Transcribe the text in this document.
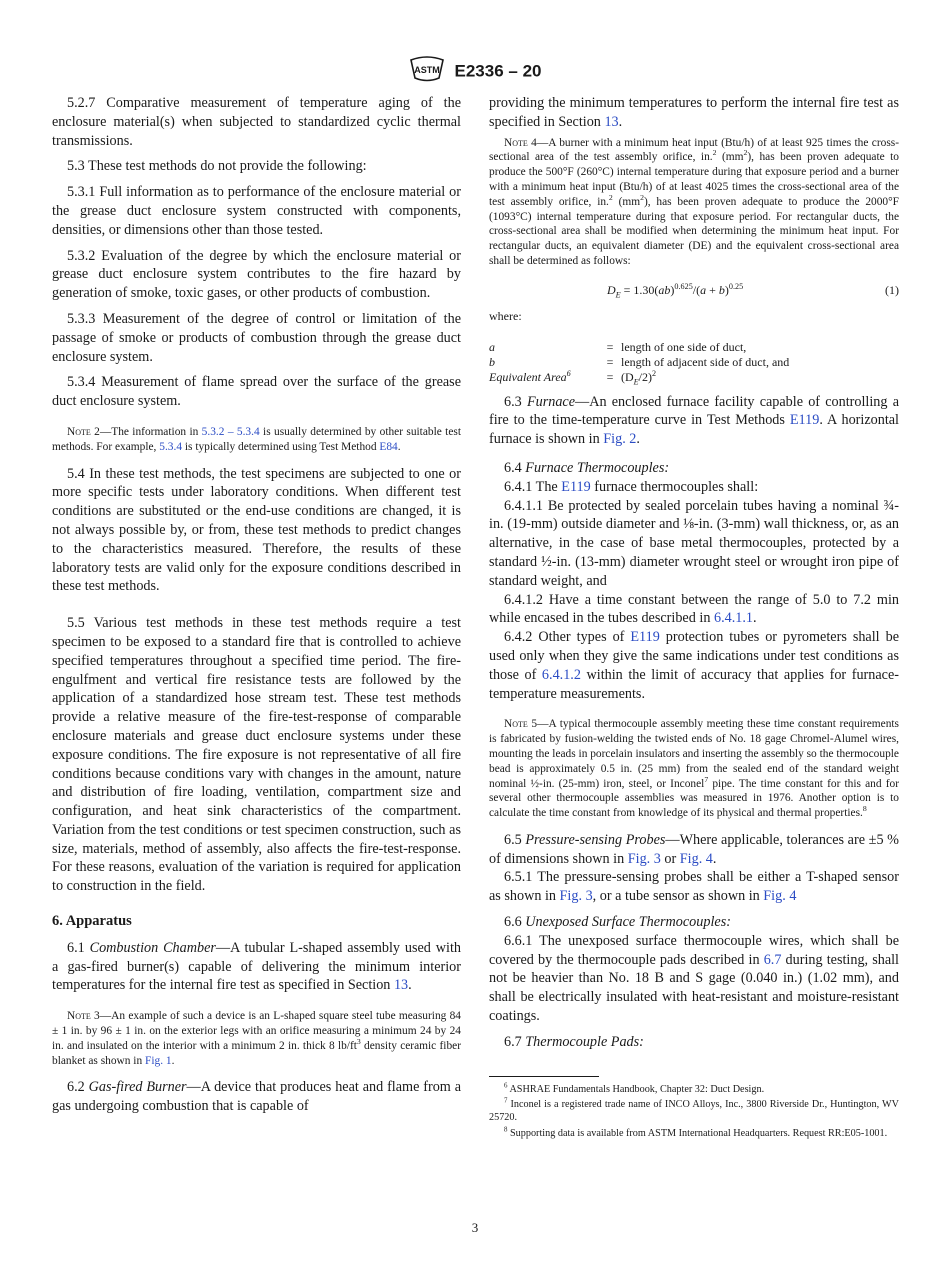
ASTM E2336 – 20

5.2.7 Comparative measurement of temperature aging of the enclosure material(s) when subjected to standardized cyclic thermal transmissions.

5.3 These test methods do not provide the following:

5.3.1 Full information as to performance of the enclosure material or the grease duct enclosure system constructed with components, densities, or dimensions other than those tested.

5.3.2 Evaluation of the degree by which the enclosure material or grease duct enclosure system contributes to the fire hazard by generation of smoke, toxic gases, or other products of combustion.

5.3.3 Measurement of the degree of control or limitation of the passage of smoke or products of combustion through the grease duct enclosure system.

5.3.4 Measurement of flame spread over the surface of the grease duct enclosure system.

Note 2—The information in 5.3.2 – 5.3.4 is usually determined by other suitable test methods. For example, 5.3.4 is typically determined using Test Method E84.

5.4 In these test methods, the test specimens are subjected to one or more specific tests under laboratory conditions. When different test conditions are substituted or the end-use conditions are changed, it is not always possible by, or from, these test methods to predict changes to the characteristics measured. Therefore, the results of these laboratory tests are valid only for the exposure conditions described in these test methods.

5.5 Various test methods in these test methods require a test specimen to be exposed to a standard fire that is controlled to achieve specified temperatures throughout a specified time period. The fire-engulfment and vertical fire resistance tests are followed by the application of a standardized hose stream test. These test methods provide a relative measure of the fire-test-response of comparable enclosure materials and grease duct enclosure systems under these exposure conditions. The fire exposure is not representative of all fire conditions because conditions vary with changes in the amount, nature and distribution of fire loading, ventilation, compartment size and configuration, and heat sink characteristics of the compartment. Variation from the test conditions or test specimen construction, such as size, materials, method of assembly, also affects the fire-test-response. For these reasons, evaluation of the variation is required for application to construction in the field.

6. Apparatus

6.1 Combustion Chamber—A tubular L-shaped assembly used with a gas-fired burner(s) capable of delivering the minimum interior temperatures for the internal fire test as specified in Section 13.

Note 3—An example of such a device is an L-shaped square steel tube measuring 84 ± 1 in. by 96 ± 1 in. on the exterior legs with an orifice measuring a minimum 24 by 24 in. and insulated on the interior with a minimum 2 in. thick 8 $lb/ft^3$ density ceramic fiber blanket as shown in Fig. 1.

6.2 Gas-fired Burner—A device that produces heat and flame from a gas undergoing combustion that is capable of

providing the minimum temperatures to perform the internal fire test as specified in Section 13.

Note 4—A burner with a minimum heat input (Btu/h) of at least 925 times the cross-sectional area of the test assembly orifice, in.$^2$ $(mm^2)$, has been proven adequate to produce the 500°F (260°C) internal temperature during that exposure period and a burner with a minimum heat input (Btu/h) of at least 4025 times the cross-sectional area of the test assembly orifice, in.$^2$ $(mm^2)$, has been proven adequate to produce the 2000°F (1093°C) internal temperature during that exposure period. For rectangular ducts, the cross-sectional area shall be modified when determining the minimum heat input. For rectangular ducts, an equivalent diameter (DE) and the equivalent cross-sectional area shall be determined as follows:

$D_E = 1.30(ab)^{0.625}/(a + b)^{0.25}$	(1)
where:
a	=	length of one side of duct,
b	=	length of adjacent side of duct, and
Equivalent Area$^6$	=	$(D_E/2)^2$

6.3 Furnace—An enclosed furnace facility capable of controlling a fire to the time-temperature curve in Test Methods E119. A horizontal furnace is shown in Fig. 2.

6.4 Furnace Thermocouples:

6.4.1 The E119 furnace thermocouples shall:

6.4.1.1 Be protected by sealed porcelain tubes having a nominal ¾-in. (19-mm) outside diameter and ⅛-in. (3-mm) wall thickness, or, as an alternative, in the case of base metal thermocouples, protected by a standard ½-in. (13-mm) diameter wrought steel or wrought iron pipe of standard weight, and

6.4.1.2 Have a time constant between the range of 5.0 to 7.2 min while encased in the tubes described in 6.4.1.1.

6.4.2 Other types of E119 protection tubes or pyrometers shall be used only when they give the same indications under test conditions as those of 6.4.1.2 within the limit of accuracy that applies for furnace-temperature measurements.

Note 5—A typical thermocouple assembly meeting these time constant requirements is fabricated by fusion-welding the twisted ends of No. 18 gage Chromel-Alumel wires, mounting the leads in porcelain insulators and inserting the assembly so the thermocouple bead is approximately 0.5 in. (25 mm) from the sealed end of the standard weight nominal ½-in. (25-mm) iron, steel, or Inconel$^7$ pipe. The time constant for this and for several other thermocouple assemblies was measured in 1976. Another option is to calculate the time constant from knowledge of its physical and thermal properties.$^8$

6.5 Pressure-sensing Probes—Where applicable, tolerances are ±5 % of dimensions shown in Fig. 3 or Fig. 4.

6.5.1 The pressure-sensing probes shall be either a T-shaped sensor as shown in Fig. 3, or a tube sensor as shown in Fig. 4

6.6 Unexposed Surface Thermocouples:

6.6.1 The unexposed surface thermocouple wires, which shall be covered by the thermocouple pads described in 6.7 during testing, shall not be heavier than No. 18 B and S gage (0.040 in.) (1.02 mm), and shall be electrically insulated with heat-resistant and moisture-resistant coatings.

6.7 Thermocouple Pads:

$^6$ ASHRAE Fundamentals Handbook, Chapter 32: Duct Design.

$^7$ Inconel is a registered trade name of INCO Alloys, Inc., 3800 Riverside Dr., Huntington, WV 25720.

$^8$ Supporting data is available from ASTM International Headquarters. Request RR:E05-1001.

3
